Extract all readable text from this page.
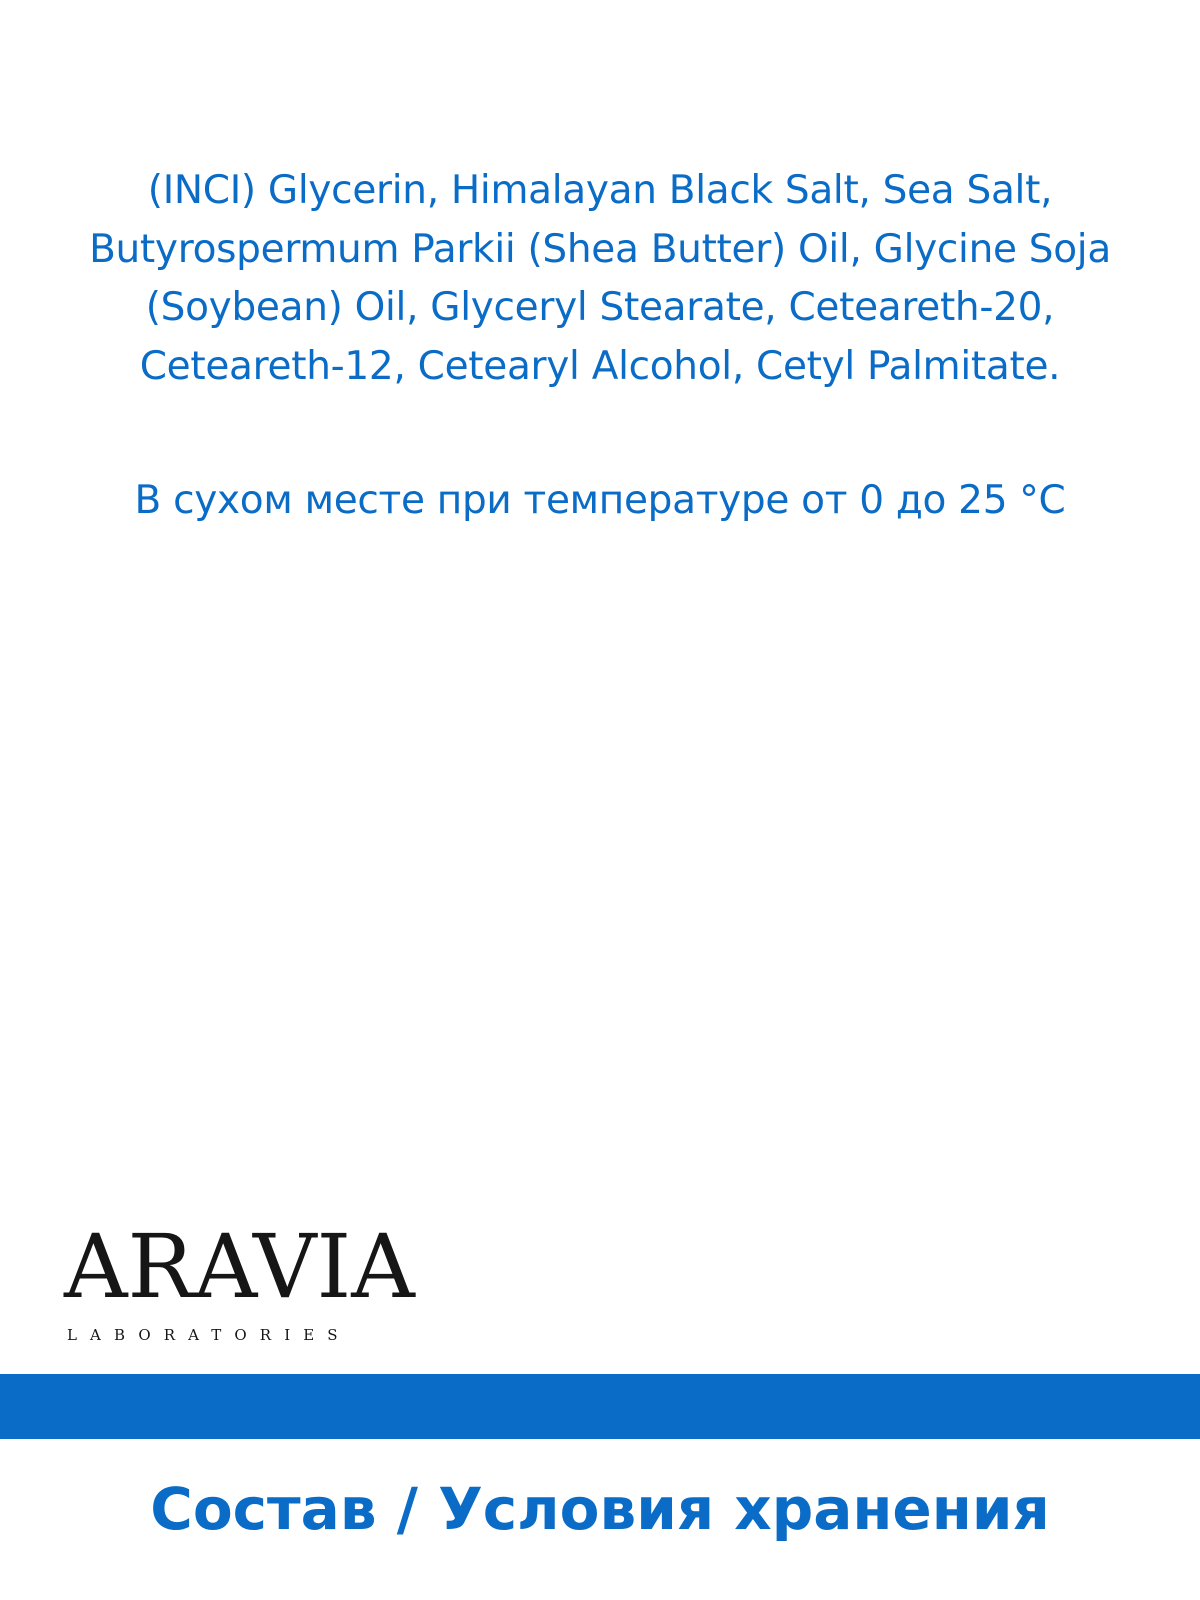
(INCI) Glycerin, Himalayan Black Salt, Sea Salt,
Butyrospermum Parkii (Shea Butter) Oil, Glycine Soja
(Soybean) Oil, Glyceryl Stearate, Ceteareth-20,
Ceteareth-12, Cetearyl Alcohol, Cetyl Palmitate.

В сухом месте при температуре от 0 до 25 °C

ARAVIA
LABORATORIES

Состав / Условия хранения
